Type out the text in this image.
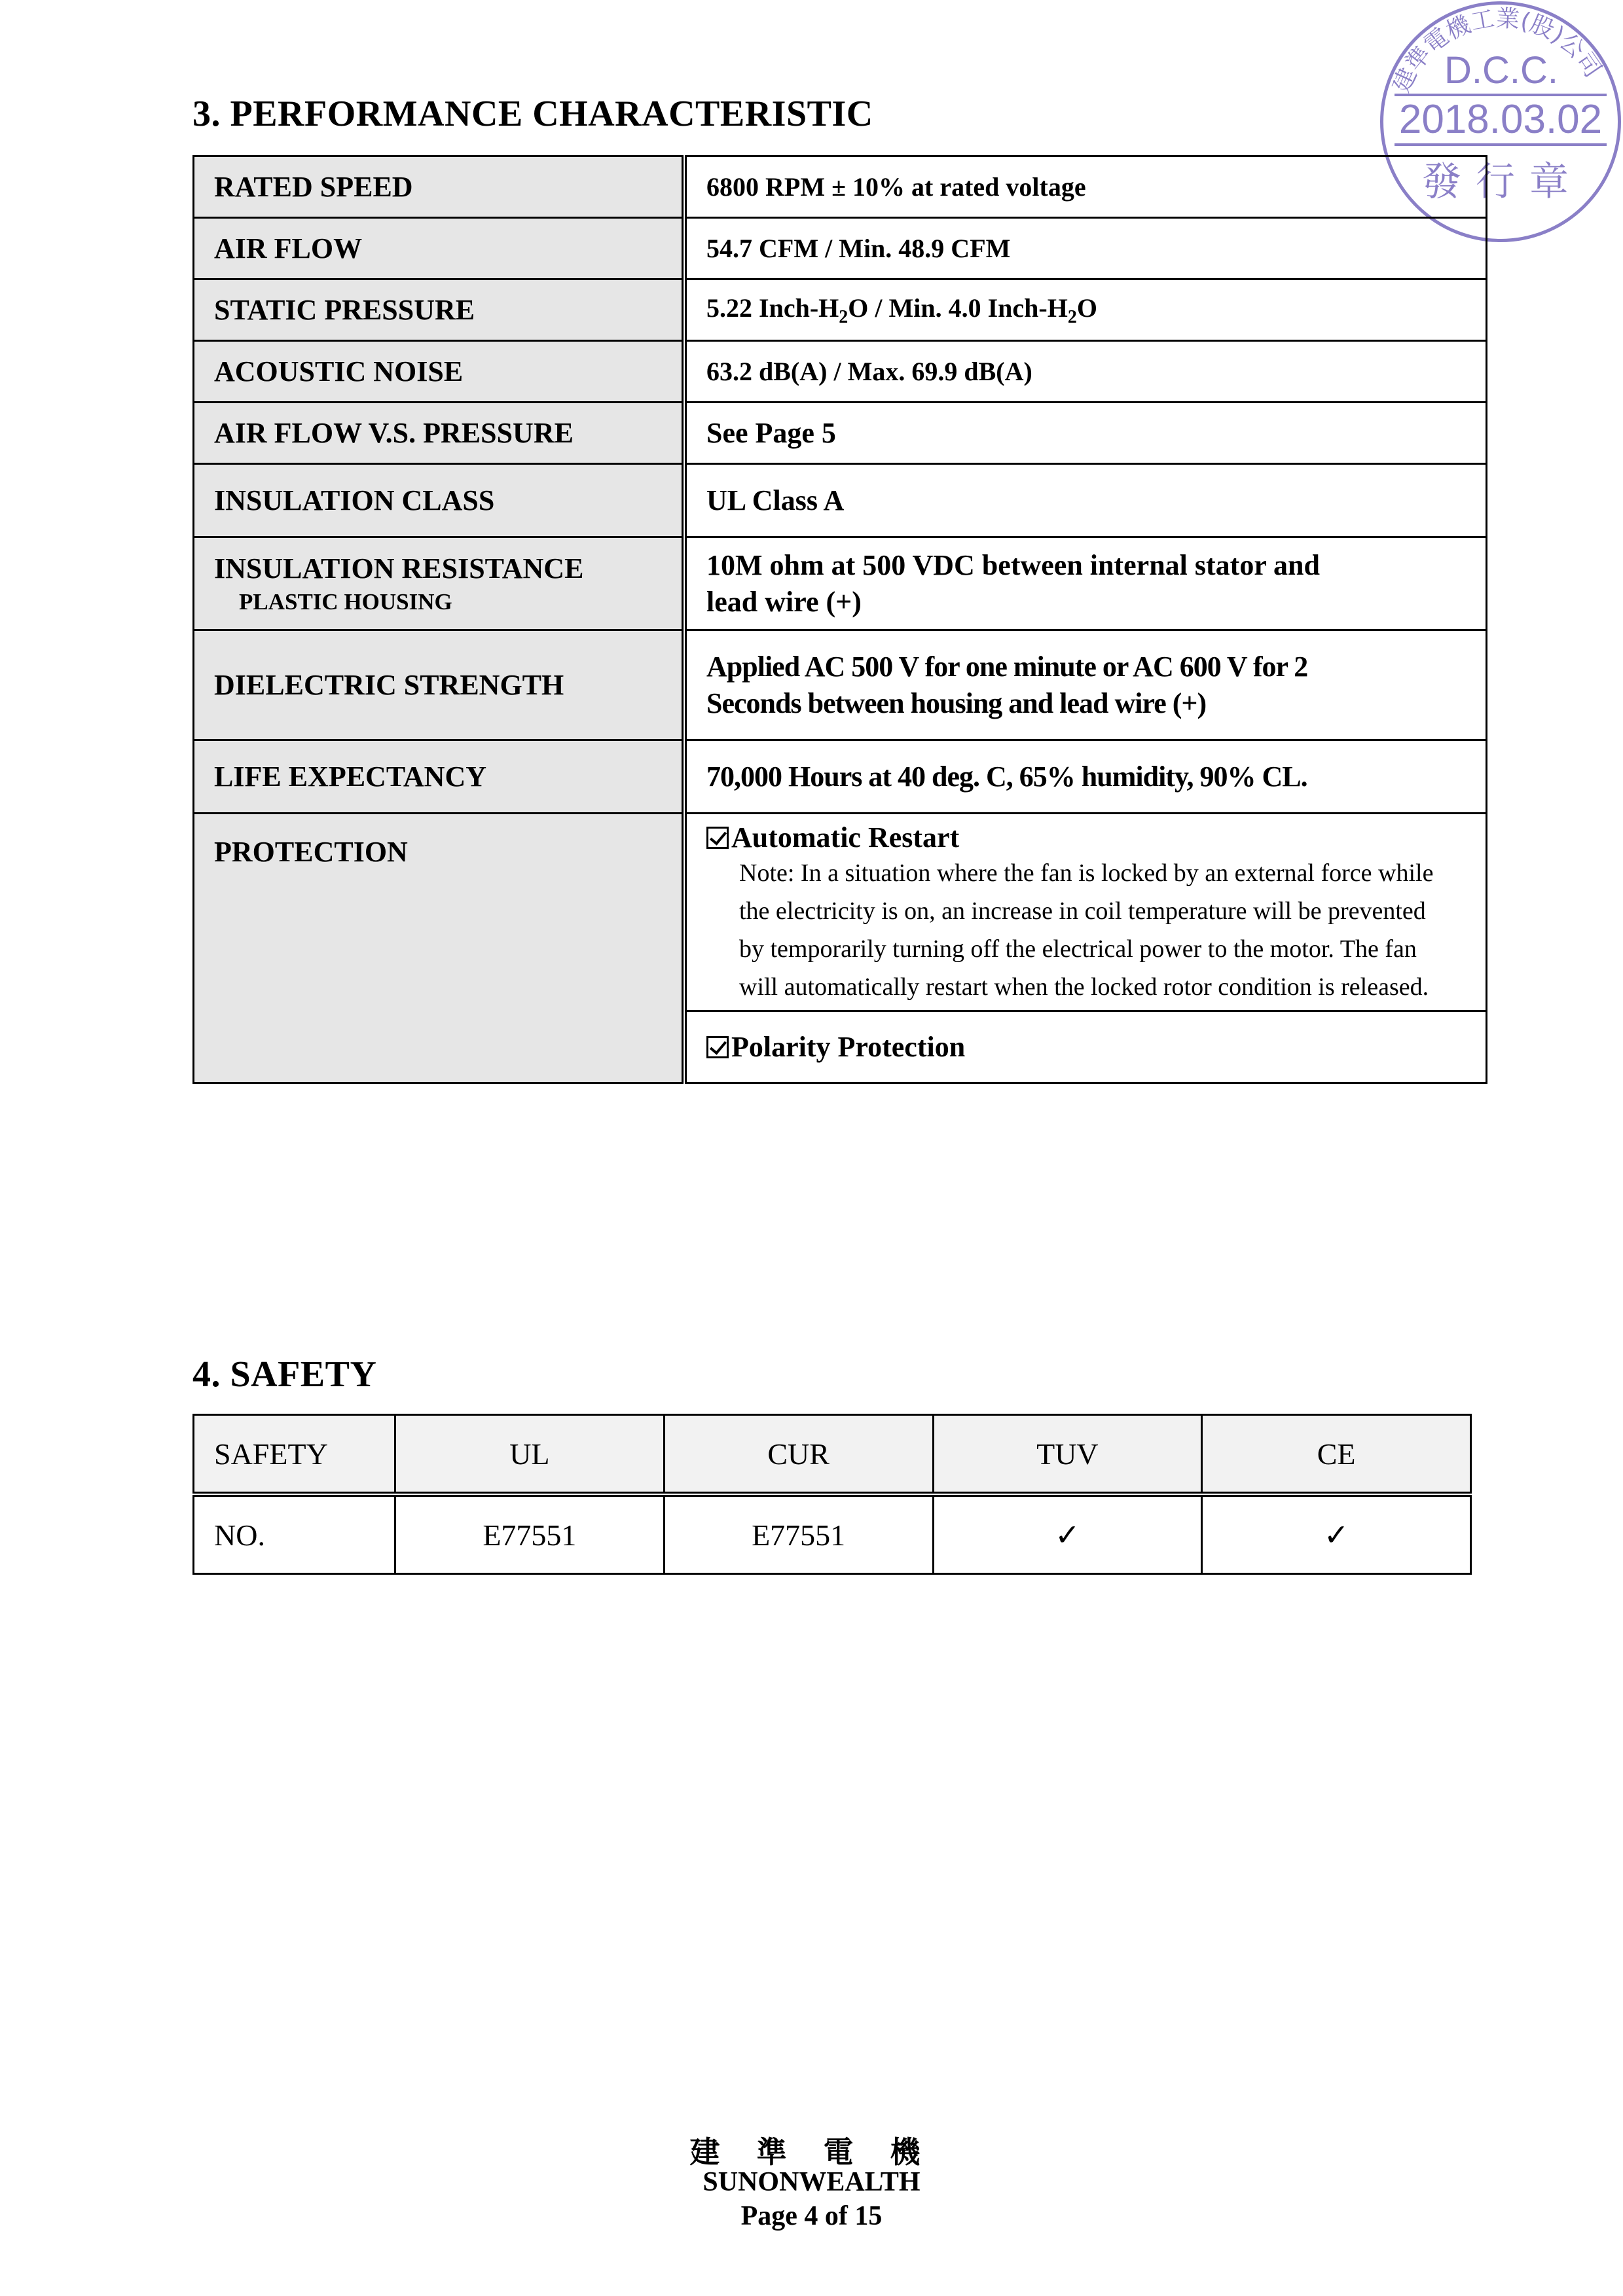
建準電機工業(股)公司
D.C.C.
2018.03.02
發行章
3. PERFORMANCE CHARACTERISTIC
RATED SPEED	6800 RPM ± 10% at rated voltage
AIR FLOW	54.7 CFM / Min. 48.9 CFM
STATIC PRESSURE	5.22 Inch-$H_2O$ / Min. 4.0 Inch-$H_2O$
ACOUSTIC NOISE	63.2 dB(A) / Max. 69.9 dB(A)
AIR FLOW V.S. PRESSURE	See Page 5
INSULATION CLASS	UL Class A
INSULATION RESISTANCE
PLASTIC HOUSING	10M ohm at 500 VDC between internal stator and
lead wire (+)

DIELECTRIC STRENGTH	Applied AC 500 V for one minute or AC 600 V for 2
Seconds between housing and lead wire (+)

LIFE EXPECTANCY	70,000 Hours at 40 deg. C, 65% humidity, 90% CL.
PROTECTION	Automatic Restart
Note: In a situation where the fan is locked by an external force while
the electricity is on, an increase in coil temperature will be prevented
by temporarily turning off the electrical power to the motor. The fan
will automatically restart when the locked rotor condition is released.

	Polarity Protection
4. SAFETY
SAFETY	UL	CUR	TUV	CE
NO.	E77551	E77551	✓	✓
建 準 電 機
SUNONWEALTH
Page 4 of 15
